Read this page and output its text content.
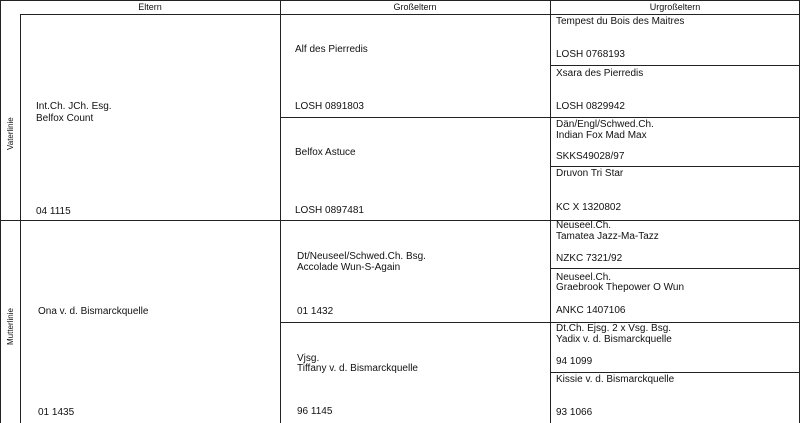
Eltern	Großeltern	Urgroßeltern
Vaterlinie
Mutterlinie
Int.Ch. JCh. Esg.
Belfox Count
04 1115
Alf des Pierredis
LOSH 0891803
Belfox Astuce
LOSH 0897481
Tempest du Bois des Maitres
LOSH 0768193
Xsara des Pierredis
LOSH 0829942
Dän/Engl/Schwed.Ch.
Indian Fox Mad Max
SKKS49028/97
Druvon Tri Star
KC X 1320802
Ona v. d. Bismarckquelle
01 1435
Dt/Neuseel/Schwed.Ch. Bsg.
Accolade Wun-S-Again
01 1432
Vjsg.
Tiffany v. d. Bismarckquelle
96 1145
Neuseel.Ch.
Tamatea Jazz-Ma-Tazz
NZKC 7321/92
Neuseel.Ch.
Graebrook Thepower O Wun
ANKC 1407106
Dt.Ch. Ejsg. 2 x Vsg. Bsg.
Yadix v. d. Bismarckquelle
94 1099
Kissie v. d. Bismarckquelle
93 1066
